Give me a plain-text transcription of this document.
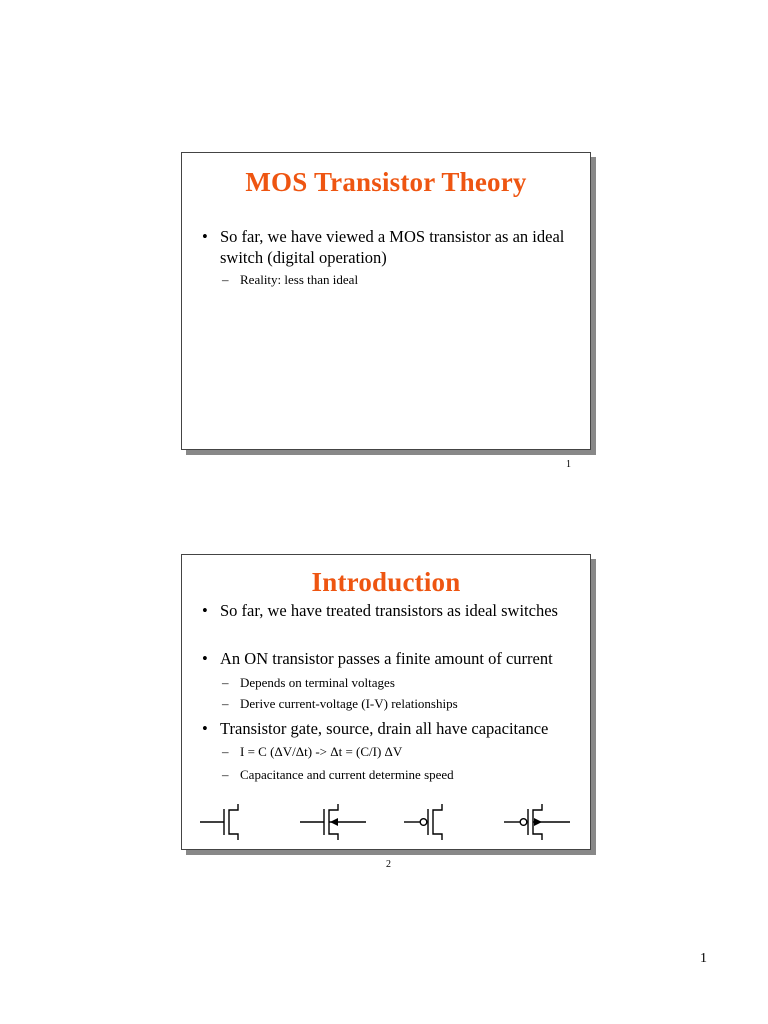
MOS Transistor Theory
• So far, we have viewed a MOS transistor as an ideal switch (digital operation)
– Reality: less than ideal
1
Introduction
• So far, we have treated transistors as ideal switches
• An ON transistor passes a finite amount of current
– Depends on terminal voltages
– Derive current-voltage (I-V) relationships
• Transistor gate, source, drain all have capacitance
– I = C (ΔV/Δt) -> Δt = (C/I) ΔV
– Capacitance and current determine speed
2
1
